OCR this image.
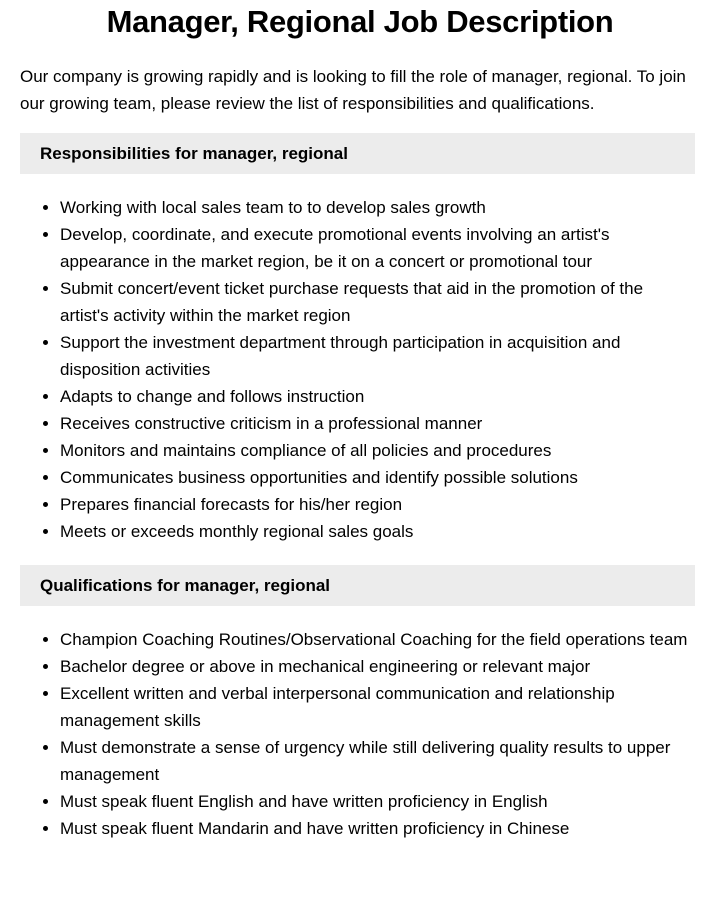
Manager, Regional Job Description

Our company is growing rapidly and is looking to fill the role of manager, regional. To join our growing team, please review the list of responsibilities and qualifications.

Responsibilities for manager, regional
• Working with local sales team to to develop sales growth
• Develop, coordinate, and execute promotional events involving an artist's appearance in the market region, be it on a concert or promotional tour
• Submit concert/event ticket purchase requests that aid in the promotion of the artist's activity within the market region
• Support the investment department through participation in acquisition and disposition activities
• Adapts to change and follows instruction
• Receives constructive criticism in a professional manner
• Monitors and maintains compliance of all policies and procedures
• Communicates business opportunities and identify possible solutions
• Prepares financial forecasts for his/her region
• Meets or exceeds monthly regional sales goals
Qualifications for manager, regional
• Champion Coaching Routines/Observational Coaching for the field operations team
• Bachelor degree or above in mechanical engineering or relevant major
• Excellent written and verbal interpersonal communication and relationship management skills
• Must demonstrate a sense of urgency while still delivering quality results to upper management
• Must speak fluent English and have written proficiency in English
• Must speak fluent Mandarin and have written proficiency in Chinese
